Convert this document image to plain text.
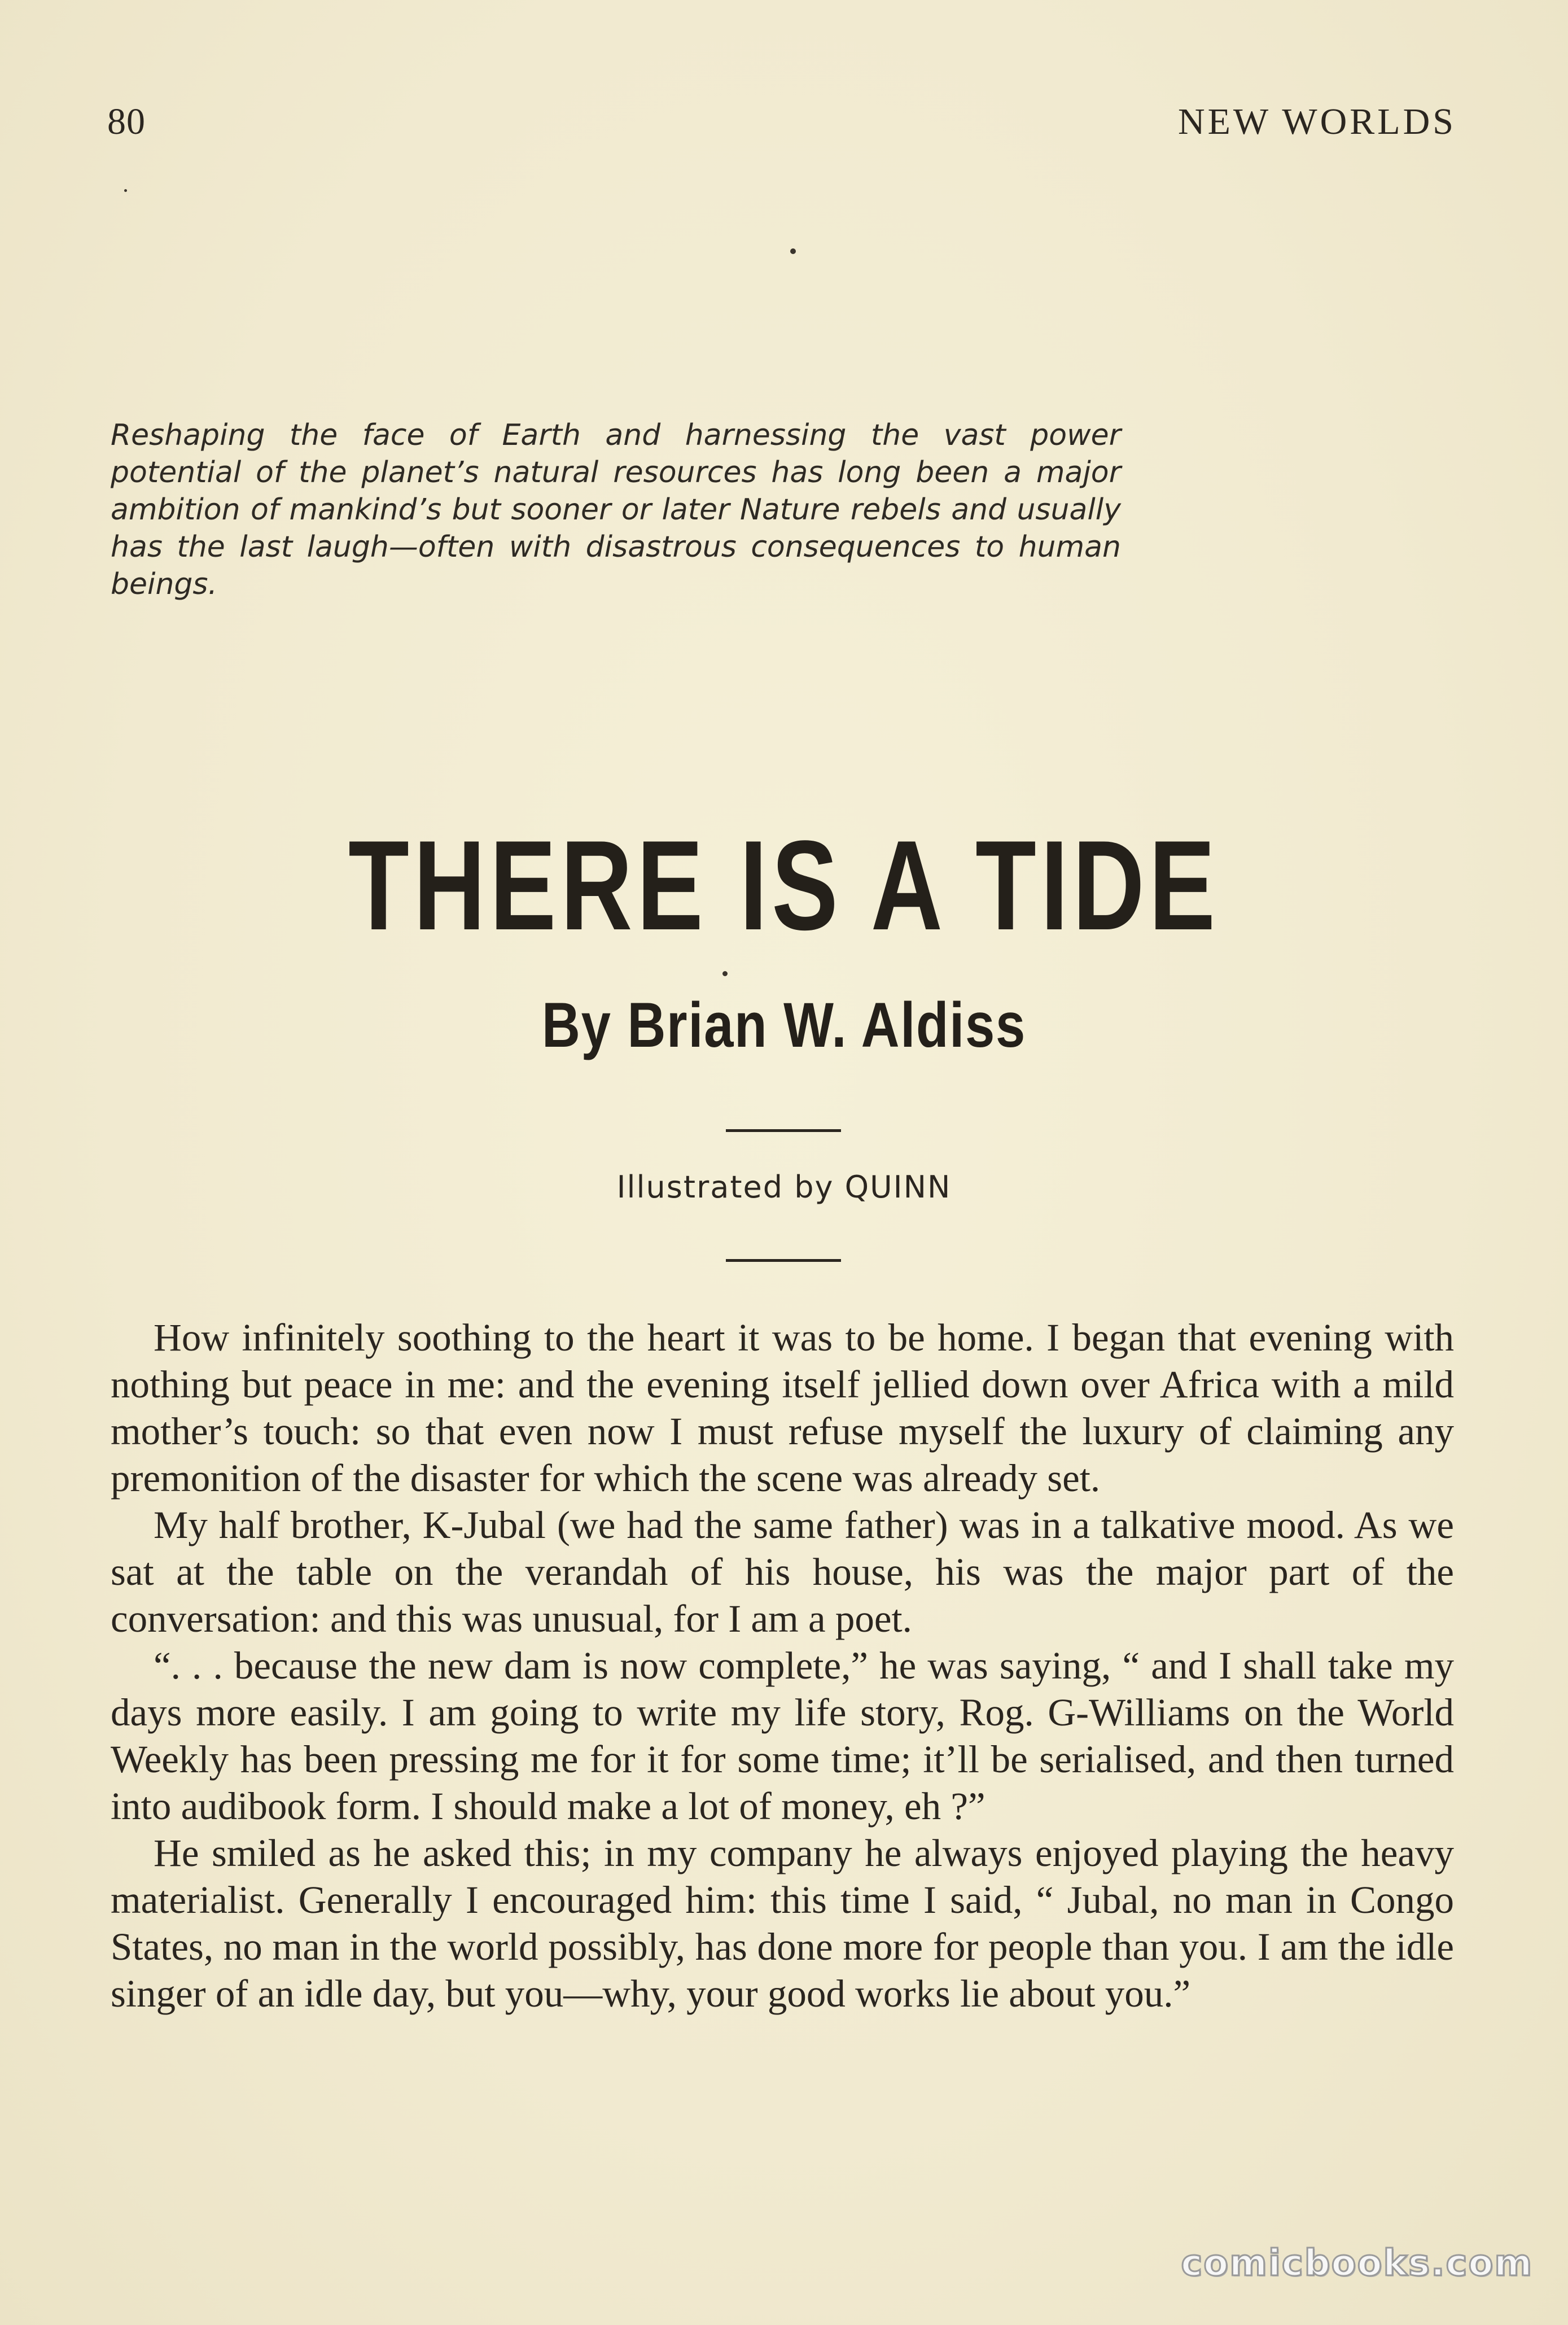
80	NEW WORLDS

Reshaping the face of Earth and harnessing the vast power potential of the planet’s natural resources has long been a major ambition of mankind’s but sooner or later Nature rebels and usually has the last laugh—often with disastrous consequences to human beings.

THERE IS A TIDE
By Brian W. Aldiss
Illustrated by QUINN

How infinitely soothing to the heart it was to be home. I began that evening with nothing but peace in me: and the evening itself jellied down over Africa with a mild mother’s touch: so that even now I must refuse myself the luxury of claiming any premonition of the disaster for which the scene was already set.

My half brother, K-Jubal (we had the same father) was in a talkative mood. As we sat at the table on the verandah of his house, his was the major part of the conversation: and this was unusual, for I am a poet.

“. . . because the new dam is now complete,” he was saying, “ and I shall take my days more easily. I am going to write my life story, Rog. G-Williams on the World Weekly has been pressing me for it for some time; it’ll be serialised, and then turned into audibook form. I should make a lot of money, eh ?”

He smiled as he asked this; in my company he always enjoyed playing the heavy materialist. Generally I encouraged him: this time I said, “ Jubal, no man in Congo States, no man in the world possibly, has done more for people than you. I am the idle singer of an idle day, but you—why, your good works lie about you.”

comicbooks.com
